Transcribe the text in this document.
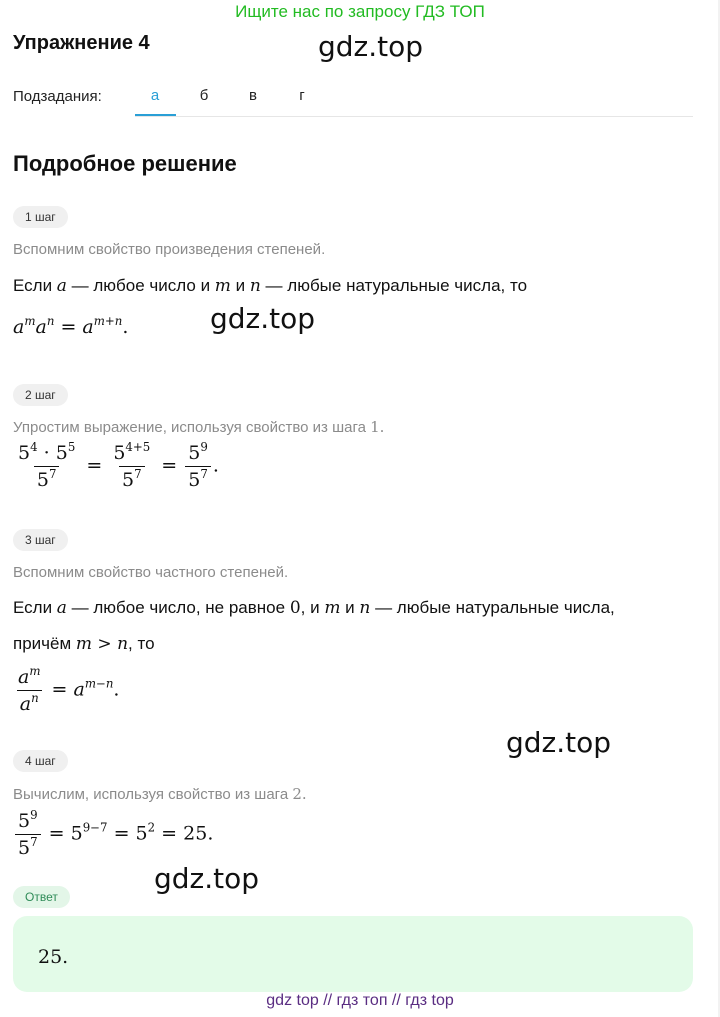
Ищите нас по запросу ГДЗ ТОП
Упражнение 4	gdz.top
gdz.top
gdz.top
gdz.top
Подзадания:	а	б	в	г
Подробное решение
1 шаг
Вспомним свойство произведения степеней.
Если a — любое число и m и n — любые натуральные числа, то
$a^ma^n = a^{m+n}$.
2 шаг
Упростим выражение, используя свойство из шага 1.
$\frac{5^4 \cdot 5^5}{5^7} = \frac{5^{4+5}}{5^7} = \frac{5^9}{5^7}$ .
3 шаг
Вспомним свойство частного степеней.
Если a — любое число, не равное 0, и m и n — любые натуральные числа,
причём m > n, то
$\frac{a^m}{a^n} = a^{m-n}$.
4 шаг
Вычислим, используя свойство из шага 2.
$\frac{5^9}{5^7} = 5^{9-7} = 5^2 = 25$.
Ответ
25.
gdz top // гдз топ // гдз top
